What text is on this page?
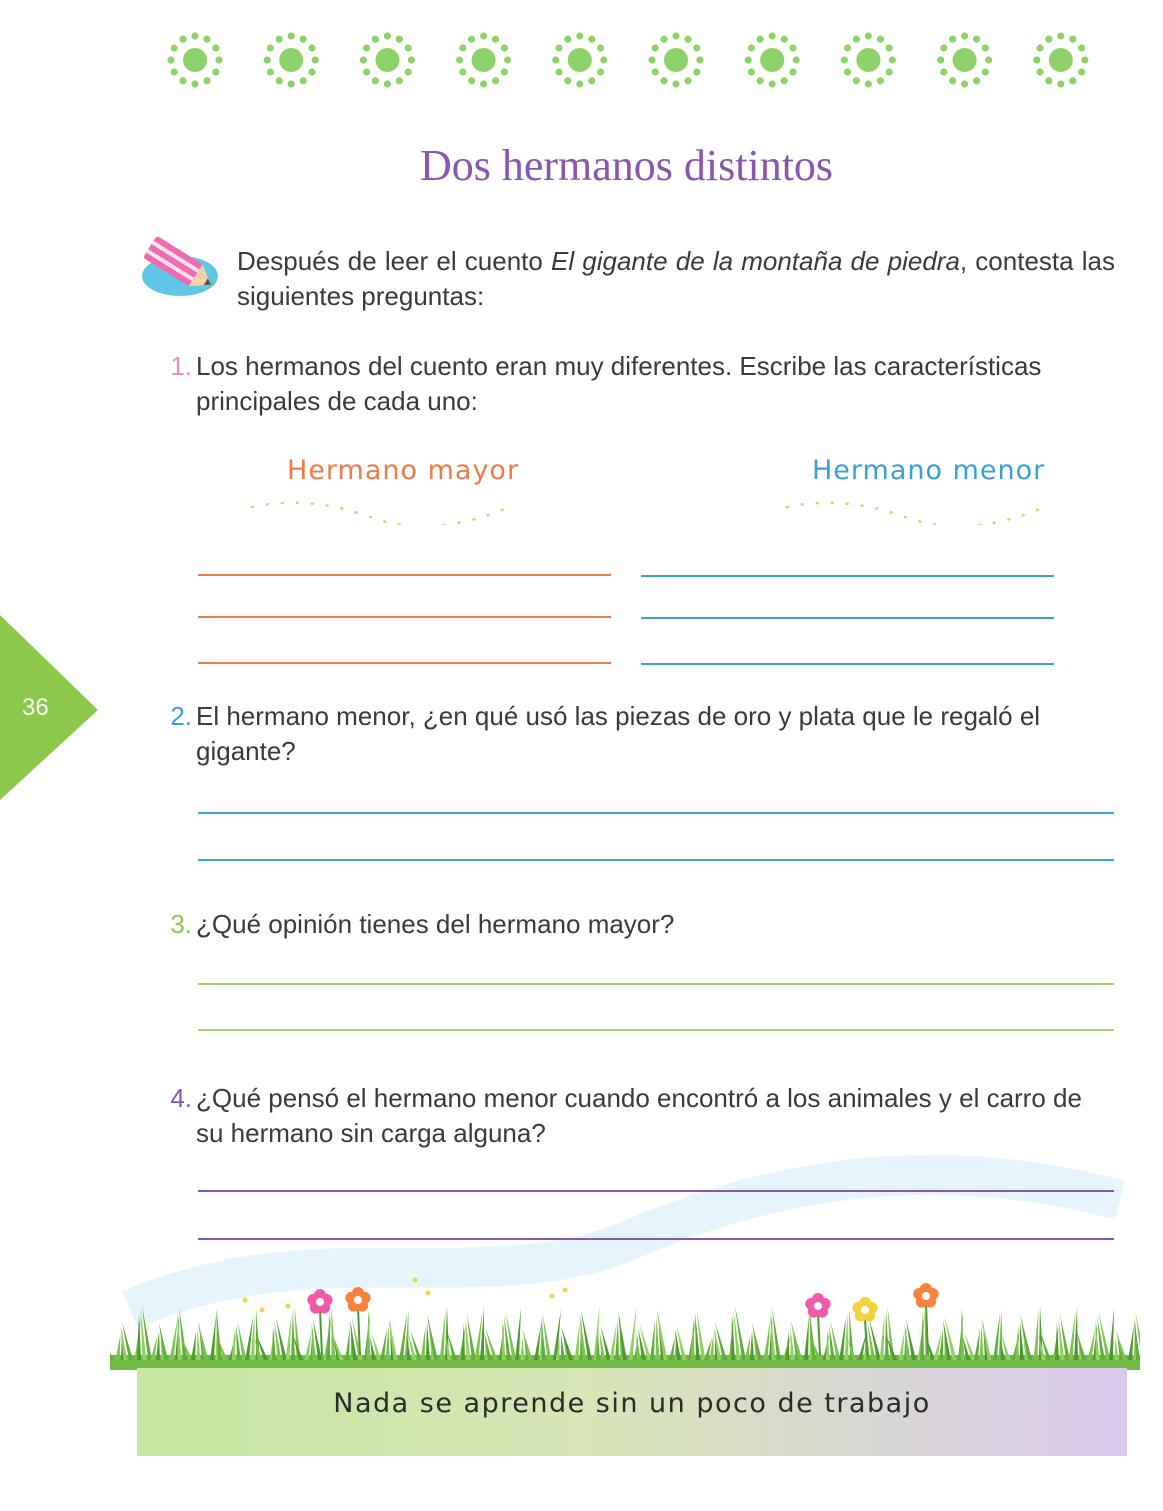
Dos hermanos distintos
Después de leer el cuento El gigante de la montaña de piedra, contesta las siguientes preguntas:
1. Los hermanos del cuento eran muy diferentes. Escribe las características principales de cada uno:
Hermano mayor	Hermano menor
36	2. El hermano menor, ¿en qué usó las piezas de oro y plata que le regaló el gigante?
3. ¿Qué opinión tienes del hermano mayor?
4. ¿Qué pensó el hermano menor cuando encontró a los animales y el carro de su hermano sin carga alguna?
Nada se aprende sin un poco de trabajo
